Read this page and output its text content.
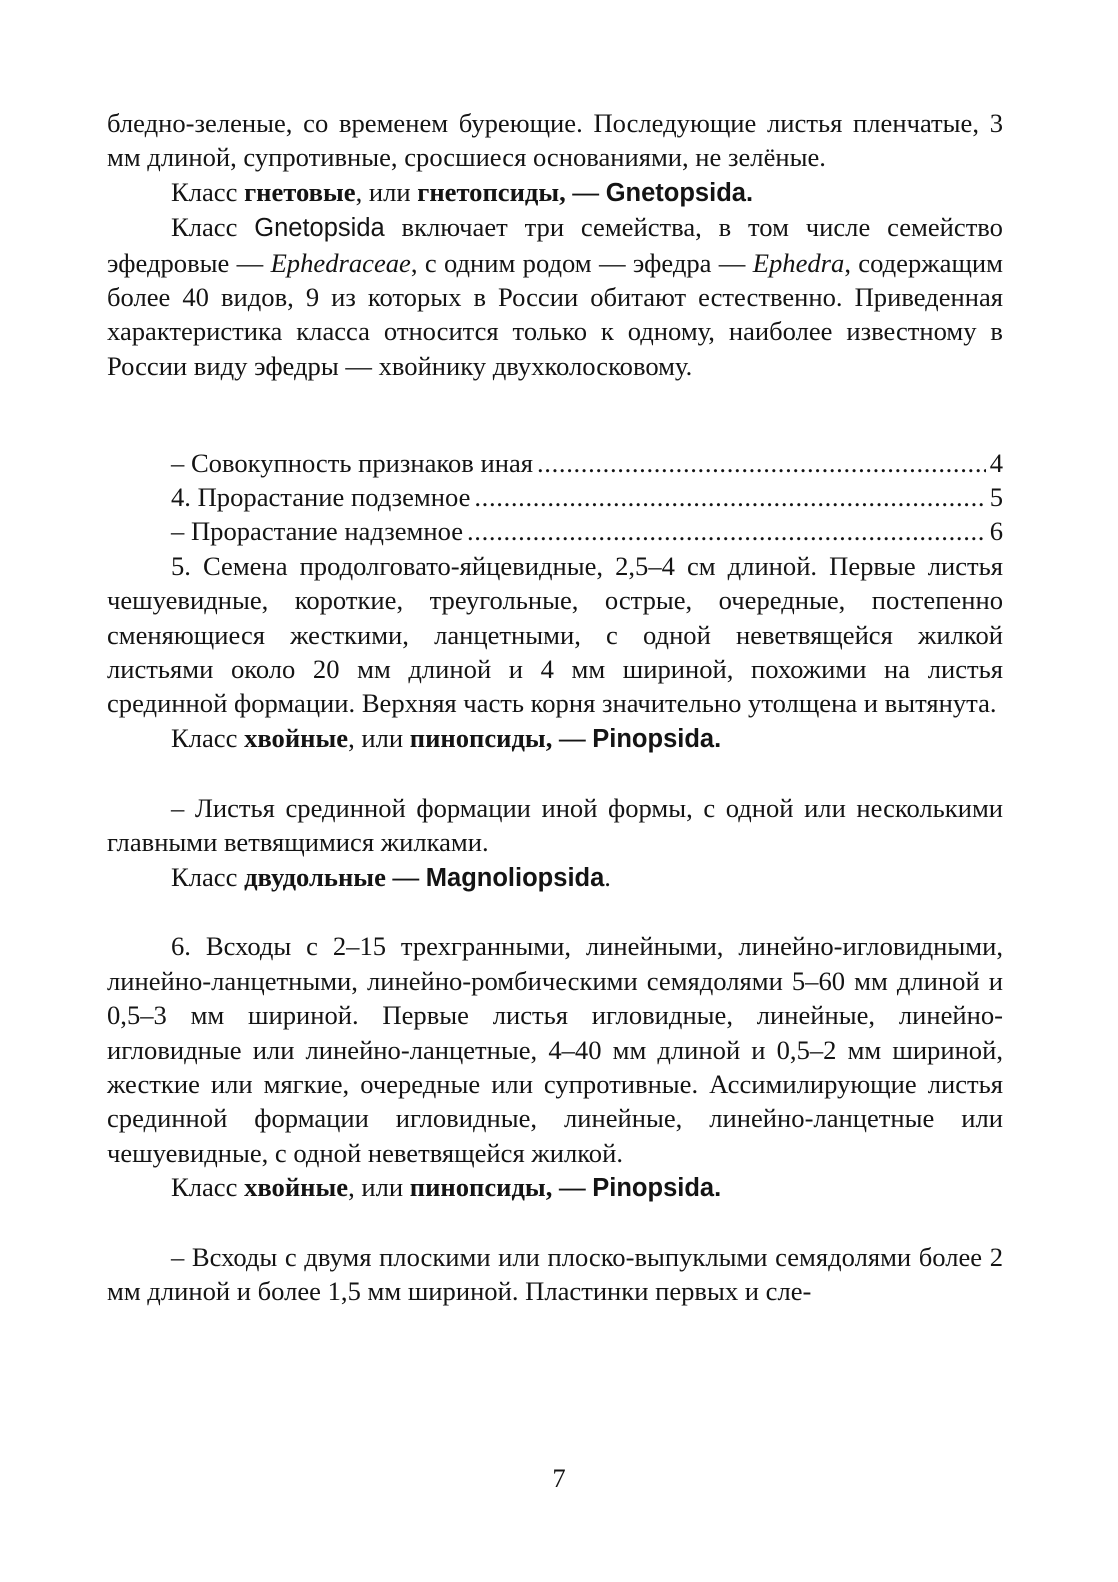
бледно-зеленые, со временем буреющие. Последующие листья пленчатые, 3 мм длиной, супротивные, сросшиеся основаниями, не зелёные.

Класс гнетовые, или гнетопсиды, — Gnetopsida.

Класс Gnetopsida включает три семейства, в том числе семейство эфедровые — Ephedraceae, с одним родом — эфедра — Ephedra, содержащим более 40 видов, 9 из которых в России обитают естественно. Приведенная характеристика класса относится только к одному, наиболее известному в России виду эфедры — хвойнику двухколосковому.

– Совокупность признаков иная . . .	4
4. Прорастание подземное . . .	5
– Прорастание надземное . . .	6

5. Семена продолговато-яйцевидные, 2,5–4 см длиной. Первые листья чешуевидные, короткие, треугольные, острые, очередные, постепенно сменяющиеся жесткими, ланцетными, с одной неветвящейся жилкой листьями около 20 мм длиной и 4 мм шириной, похожими на листья срединной формации. Верхняя часть корня значительно утолщена и вытянута.

Класс хвойные, или пинопсиды, — Pinopsida.

– Листья срединной формации иной формы, с одной или несколькими главными ветвящимися жилками.

Класс двудольные — Magnoliopsida.

6. Всходы с 2–15 трехгранными, линейными, линейно-игловидными, линейно-ланцетными, линейно-ромбическими семядолями 5–60 мм длиной и 0,5–3 мм шириной. Первые листья игловидные, линейные, линейно-игловидные или линейно-ланцетные, 4–40 мм длиной и 0,5–2 мм шириной, жесткие или мягкие, очередные или супротивные. Ассимилирующие листья срединной формации игловидные, линейные, линейно-ланцетные или чешуевидные, с одной неветвящейся жилкой.

Класс хвойные, или пинопсиды, — Pinopsida.

– Всходы с двумя плоскими или плоско-выпуклыми семядолями более 2 мм длиной и более 1,5 мм шириной. Пластинки первых и сле-

7
